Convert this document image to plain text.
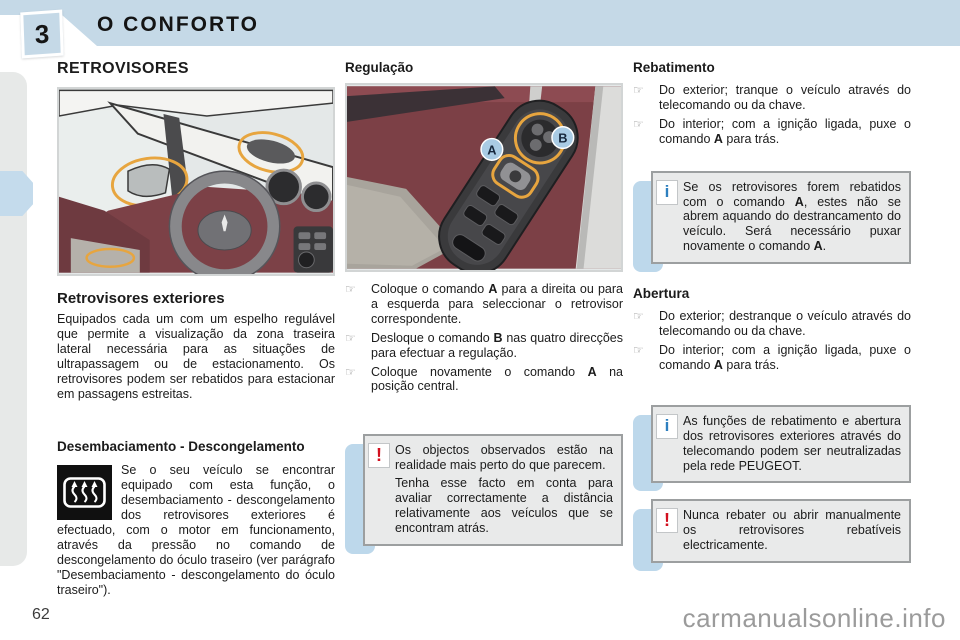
3 O CONFORTO
RETROVISORES
Retrovisores exteriores

Equipados cada um com um espelho regulável que permite a visualização da zona traseira lateral necessária para as situações de ultrapassagem ou de estacionamento. Os retrovisores podem ser rebatidos para estacionar em passagens estreitas.

Desembaciamento - Descongelamento

Se o seu veículo se encontrar equipado com esta função, o desembaciamento - descongelamento dos retrovisores exteriores é efectuado, com o motor em funcionamento, através da pressão no comando de descongelamento do óculo traseiro (ver parágrafo "Desembaciamento - descongelamento do óculo traseiro").

Regulação
A
B
☞	Coloque o comando A para a direita ou para a esquerda para seleccionar o retrovisor correspondente.

☞	Desloque o comando B nas quatro direcções para efectuar a regulação.

☞	Coloque novamente o comando A na posição central.

!	Os objectos observados estão na realidade mais perto do que parecem.

Tenha esse facto em conta para avaliar correctamente a distância relativamente aos veículos que se encontram atrás.

Rebatimento
☞	Do exterior; tranque o veículo através do telecomando ou da chave.

☞	Do interior; com a ignição ligada, puxe o comando A para trás.

i	Se os retrovisores forem rebatidos com o comando A, estes não se abrem aquando do destrancamento do veículo. Será necessário puxar novamente o comando A.

Abertura
☞	Do exterior; destranque o veículo através do telecomando ou da chave.

☞	Do interior; com a ignição ligada, puxe o comando A para trás.

i	As funções de rebatimento e abertura dos retrovisores exteriores através do telecomando podem ser neutralizadas pela rede PEUGEOT.

!	Nunca rebater ou abrir manualmente os retrovisores rebatíveis electricamente.

62	carmanualsonline.info
